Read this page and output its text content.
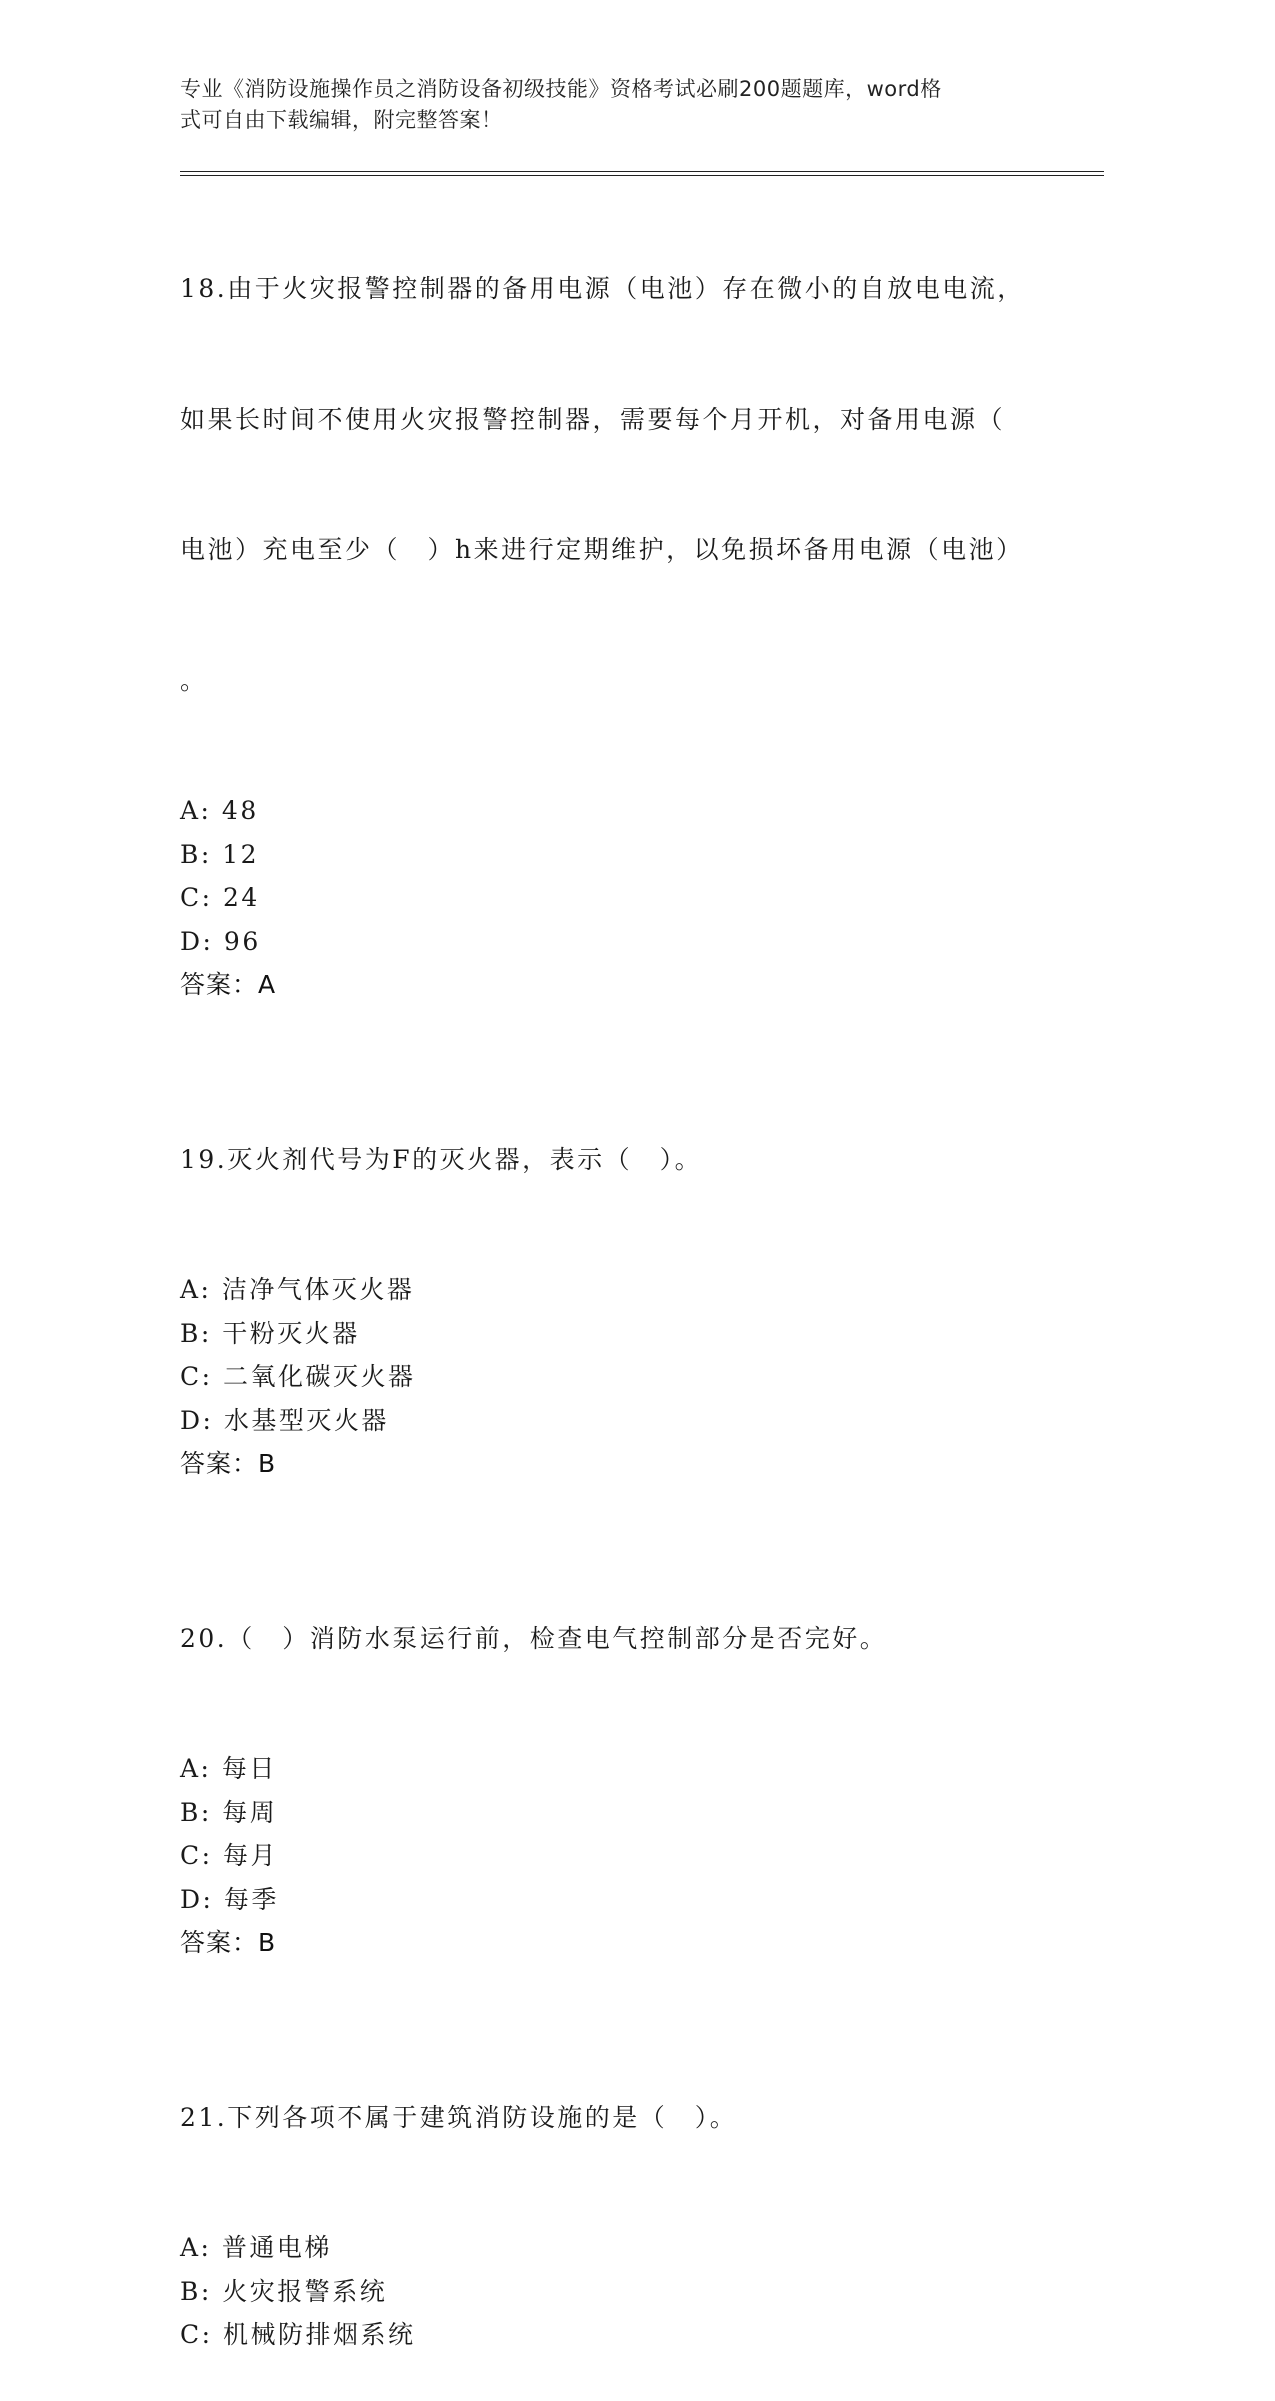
专业《消防设施操作员之消防设备初级技能》资格考试必刷200题题库，word格
式可自由下载编辑，附完整答案！

18.由于火灾报警控制器的备用电源（电池）存在微小的自放电电流，

如果长时间不使用火灾报警控制器，需要每个月开机，对备用电源（

电池）充电至少（　）h来进行定期维护，以免损坏备用电源（电池）

。

A: 48
B: 12
C: 24
D: 96
答案：A

19.灭火剂代号为F的灭火器，表示（　）。

A: 洁净气体灭火器
B: 干粉灭火器
C: 二氧化碳灭火器
D: 水基型灭火器
答案：B

20.（　）消防水泵运行前，检查电气控制部分是否完好。

A: 每日
B: 每周
C: 每月
D: 每季
答案：B

21.下列各项不属于建筑消防设施的是（　）。

A: 普通电梯
B: 火灾报警系统
C: 机械防排烟系统
